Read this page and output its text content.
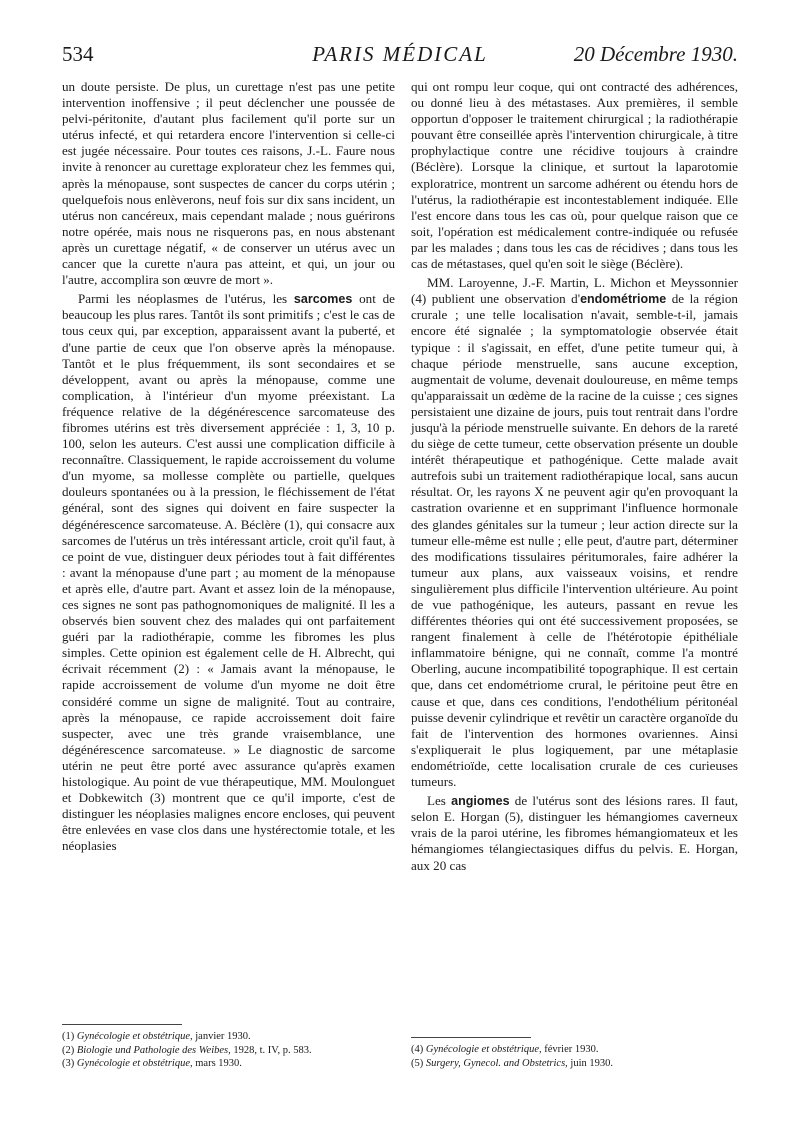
534	PARIS MÉDICAL	20 Décembre 1930.

un doute persiste. De plus, un curettage n'est pas une petite intervention inoffensive ; il peut déclencher une poussée de pelvi-péritonite, d'autant plus facilement qu'il porte sur un utérus infecté, et qui retardera encore l'intervention si celle-ci est jugée nécessaire. Pour toutes ces raisons, J.-L. Faure nous invite à renoncer au curettage explorateur chez les femmes qui, après la ménopause, sont suspectes de cancer du corps utérin ; quelquefois nous enlèverons, neuf fois sur dix sans incident, un utérus non cancéreux, mais cependant malade ; nous guérirons notre opérée, mais nous ne risquerons pas, en nous abstenant après un curettage négatif, « de conserver un utérus avec un cancer que la curette n'aura pas atteint, et qui, un jour ou l'autre, accomplira son œuvre de mort ».

Parmi les néoplasmes de l'utérus, les sarcomes ont de beaucoup les plus rares. Tantôt ils sont primitifs ; c'est le cas de tous ceux qui, par exception, apparaissent avant la puberté, et d'une partie de ceux que l'on observe après la ménopause. Tantôt et le plus fréquemment, ils sont secondaires et se développent, avant ou après la ménopause, comme une complication, à l'intérieur d'un myome préexistant. La fréquence relative de la dégénérescence sarcomateuse des fibromes utérins est très diversement appréciée : 1, 3, 10 p. 100, selon les auteurs. C'est aussi une complication difficile à reconnaître. Classiquement, le rapide accroissement du volume d'un myome, sa mollesse complète ou partielle, quelques douleurs spontanées ou à la pression, le fléchissement de l'état général, sont des signes qui doivent en faire suspecter la dégénérescence sarcomateuse. A. Béclère (1), qui consacre aux sarcomes de l'utérus un très intéressant article, croit qu'il faut, à ce point de vue, distinguer deux périodes tout à fait différentes : avant la ménopause d'une part ; au moment de la ménopause et après elle, d'autre part. Avant et assez loin de la ménopause, ces signes ne sont pas pathognomoniques de malignité. Il les a observés bien souvent chez des malades qui ont parfaitement guéri par la radiothérapie, comme les fibromes les plus simples. Cette opinion est également celle de H. Albrecht, qui écrivait récemment (2) : « Jamais avant la ménopause, le rapide accroissement de volume d'un myome ne doit être considéré comme un signe de malignité. Tout au contraire, après la ménopause, ce rapide accroissement doit faire suspecter, avec une très grande vraisemblance, une dégénérescence sarcomateuse. » Le diagnostic de sarcome utérin ne peut être porté avec assurance qu'après examen histologique. Au point de vue thérapeutique, MM. Moulonguet et Dobkewitch (3) montrent que ce qu'il importe, c'est de distinguer les néoplasies malignes encore encloses, qui peuvent être enlevées en vase clos dans une hystérectomie totale, et les néoplasies

qui ont rompu leur coque, qui ont contracté des adhérences, ou donné lieu à des métastases. Aux premières, il semble opportun d'opposer le traitement chirurgical ; la radiothérapie pouvant être conseillée après l'intervention chirurgicale, à titre prophylactique contre une récidive toujours à craindre (Béclère). Lorsque la clinique, et surtout la laparotomie exploratrice, montrent un sarcome adhérent ou étendu hors de l'utérus, la radiothérapie est incontestablement indiquée. Elle l'est encore dans tous les cas où, pour quelque raison que ce soit, l'opération est médicalement contre-indiquée ou refusée par les malades ; dans tous les cas de récidives ; dans tous les cas de métastases, quel qu'en soit le siège (Béclère).

MM. Laroyenne, J.-F. Martin, L. Michon et Meyssonnier (4) publient une observation d'endométriome de la région crurale ; une telle localisation n'avait, semble-t-il, jamais encore été signalée ; la symptomatologie observée était typique : il s'agissait, en effet, d'une petite tumeur qui, à chaque période menstruelle, sans aucune exception, augmentait de volume, devenait douloureuse, en même temps qu'apparaissait un œdème de la racine de la cuisse ; ces signes persistaient une dizaine de jours, puis tout rentrait dans l'ordre jusqu'à la période menstruelle suivante. En dehors de la rareté du siège de cette tumeur, cette observation présente un double intérêt thérapeutique et pathogénique. Cette malade avait autrefois subi un traitement radiothérapique local, sans aucun résultat. Or, les rayons X ne peuvent agir qu'en provoquant la castration ovarienne et en supprimant l'influence hormonale des glandes génitales sur la tumeur ; leur action directe sur la tumeur elle-même est nulle ; elle peut, d'autre part, déterminer des modifications tissulaires péritumorales, faire adhérer la tumeur aux plans, aux vaisseaux voisins, et rendre singulièrement plus difficile l'intervention ultérieure. Au point de vue pathogénique, les auteurs, passant en revue les différentes théories qui ont été successivement proposées, se rangent finalement à celle de l'hétérotopie épithéliale inflammatoire bénigne, qui ne connaît, comme l'a montré Oberling, aucune incompatibilité topographique. Il est certain que, dans cet endométriome crural, le péritoine peut être en cause et que, dans ces conditions, l'endothélium péritonéal puisse devenir cylindrique et revêtir un caractère organoïde du fait de l'intervention des hormones ovariennes. Ainsi s'expliquerait le plus logiquement, par une métaplasie endométrioïde, cette localisation crurale de ces curieuses tumeurs.

Les angiomes de l'utérus sont des lésions rares. Il faut, selon E. Horgan (5), distinguer les hémangiomes caverneux vrais de la paroi utérine, les fibromes hémangiomateux et les hémangiomes télangiectasiques diffus du pelvis. E. Horgan, aux 20 cas

(1) Gynécologie et obstétrique, janvier 1930.
(2) Biologie und Pathologie des Weibes, 1928, t. IV, p. 583.
(3) Gynécologie et obstétrique, mars 1930.
(4) Gynécologie et obstétrique, février 1930.
(5) Surgery, Gynecol. and Obstetrics, juin 1930.
